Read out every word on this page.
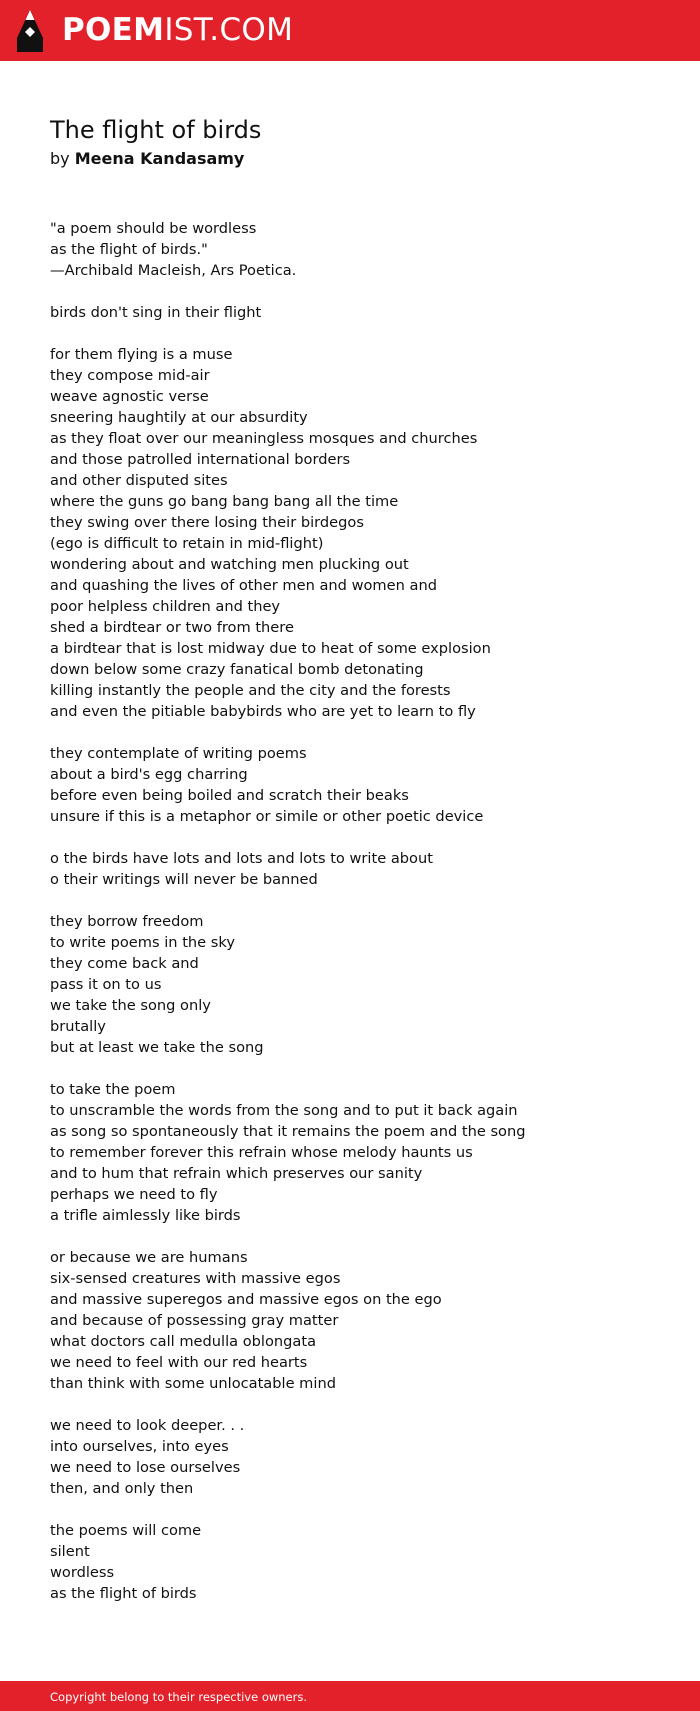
POEMIST.COM
The flight of birds
by Meena Kandasamy
"a poem should be wordless
as the flight of birds."
—Archibald Macleish, Ars Poetica.
birds don't sing in their flight
for them flying is a muse
they compose mid-air
weave agnostic verse
sneering haughtily at our absurdity
as they float over our meaningless mosques and churches
and those patrolled international borders
and other disputed sites
where the guns go bang bang bang all the time
they swing over there losing their birdegos
(ego is difficult to retain in mid-flight)
wondering about and watching men plucking out
and quashing the lives of other men and women and
poor helpless children and they
shed a birdtear or two from there
a birdtear that is lost midway due to heat of some explosion
down below some crazy fanatical bomb detonating
killing instantly the people and the city and the forests
and even the pitiable babybirds who are yet to learn to fly
they contemplate of writing poems
about a bird's egg charring
before even being boiled and scratch their beaks
unsure if this is a metaphor or simile or other poetic device
o the birds have lots and lots and lots to write about
o their writings will never be banned
they borrow freedom
to write poems in the sky
they come back and
pass it on to us
we take the song only
brutally
but at least we take the song
to take the poem
to unscramble the words from the song and to put it back again
as song so spontaneously that it remains the poem and the song
to remember forever this refrain whose melody haunts us
and to hum that refrain which preserves our sanity
perhaps we need to fly
a trifle aimlessly like birds
or because we are humans
six-sensed creatures with massive egos
and massive superegos and massive egos on the ego
and because of possessing gray matter
what doctors call medulla oblongata
we need to feel with our red hearts
than think with some unlocatable mind
we need to look deeper. . .
into ourselves, into eyes
we need to lose ourselves
then, and only then
the poems will come
silent
wordless
as the flight of birds
Copyright belong to their respective owners.
